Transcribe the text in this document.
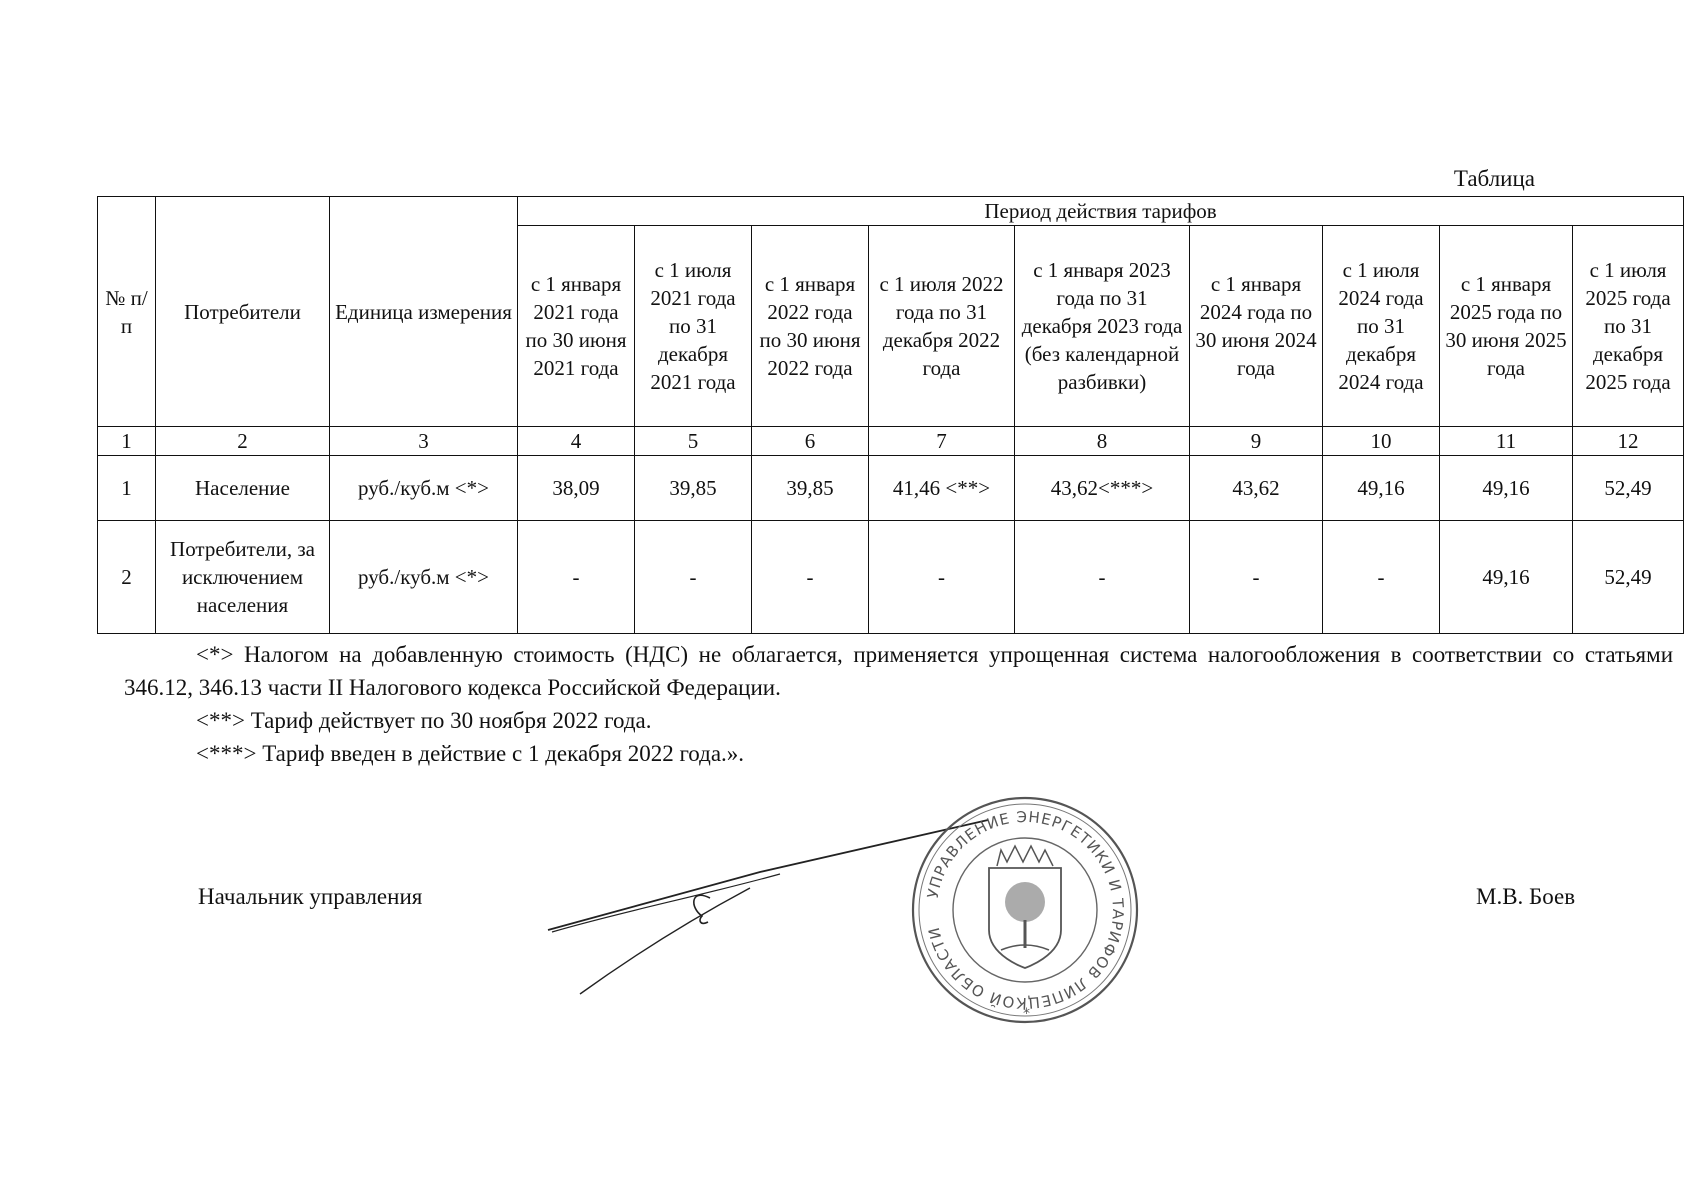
Таблица
№ п/п	Потребители	Единица измерения	Период действия тарифов								
			с 1 января 2021 года по 30 июня 2021 года	с 1 июля 2021 года по 31 декабря 2021 года	с 1 января 2022 года по 30 июня 2022 года	с 1 июля 2022 года по 31 декабря 2022 года	с 1 января 2023 года по 31 декабря 2023 года (без календарной разбивки)	с 1 января 2024 года по 30 июня 2024 года	с 1 июля 2024 года по 31 декабря 2024 года	с 1 января 2025 года по 30 июня 2025 года	с 1 июля 2025 года по 31 декабря 2025 года
1	2	3	4	5	6	7	8	9	10	11	12
1	Население	руб./куб.м <*>	38,09	39,85	39,85	41,46 <**>	43,62<***>	43,62	49,16	49,16	52,49
2	Потребители, за исключением населения	руб./куб.м <*>	-	-	-	-	-	-	-	49,16	52,49

<*> Налогом на добавленную стоимость (НДС) не облагается, применяется упрощенная система налогообложения в соответствии со статьями 346.12, 346.13 части II Налогового кодекса Российской Федерации.

<**> Тариф действует по 30 ноября 2022 года.

<***> Тариф введен в действие с 1 декабря 2022 года.».

Начальник управления	УПРАВЛЕНИЕ ЭНЕРГЕТИКИ И ТАРИФОВ ЛИПЕЦКОЙ ОБЛАСТИ
*
М.В. Боев
